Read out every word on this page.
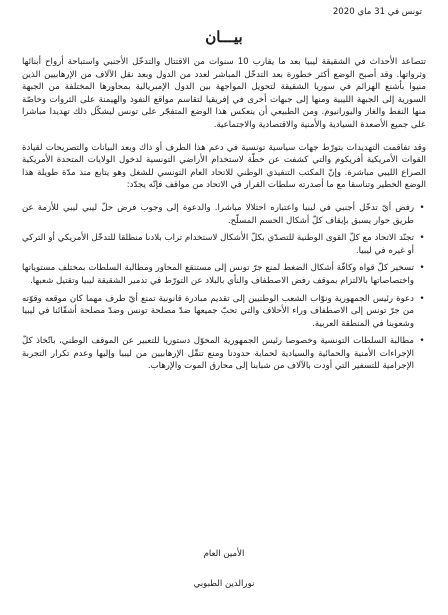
تونس في 31 ماي 2020

بيـــان

تتصاعد الأحداث في الشقيقة ليبيا بعد ما يقارب 10 سنوات من الاقتتال والتدخّل الأجنبي واستباحة أرواح أبنائها وثرواتها. وقد أصبح الوضع أكثر خطورة بعد التدخّل المباشر لعدد من الدول وبعد نقل الآلاف من الإرهابيين الذين منيوا بأشنع الهزائم في سوريا الشقيقة لتحويل المواجهة بين الدول الإمبريالية بمحاورها المختلفة من الجبهة السورية إلى الجبهة الليبية ومنها إلى جبهات أخرى في إفريقيا لتقاسم مواقع النفوذ والهيمنة على الثروات وخاصّة منها النفط والغاز واليورانيوم. ومن الطبيعي أن ينعكس هذا الوضع المتفجّر على تونس ليشكّل ذلك تهديدا مباشرا على جميع الأصعدة السيادية والأمنية والاقتصادية والاجتماعية.

وقد تفاقمت التهديدات بتورّط جهات سياسية تونسية في دعم هذا الطرف أو ذاك وبعد البيانات والتصريحات لقيادة القوات الأمريكية أفريكوم والتي كشفت عن خطّة لاستخدام الأراضي التونسية لدخول الولايات المتحدة الأمريكية الصراع الليبي مباشرة. وإنّ المكتب التنفيذي الوطني للاتحاد العام التونسي للشغل وهو يتابع منذ مدّة طويلة هذا الوضع الخطير وتناسقا مع ما أصدرته سلطات القرار في الاتحاد من مواقف فإنّه يجدّد:

•
رفض أيّ تدخّل أجنبي في ليبيا واعتباره احتلالا مباشرا. والدعوة إلى وجوب فرض حلّ ليبي ليبي للأزمة عن طريق حوار يسبق بإيقاف كلّ أشكال الحسم المسلّح.
•
تجنّد الاتحاد مع كلّ القوى الوطنية للتصدّي بكلّ الأشكال لاستخدام تراب بلادنا منطلقا للتدخّل الأمريكي أو التركي أو غيره في ليبيا.
•
تسخير كلّ قواه وكافّة أشكال الضغط لمنع جرّ تونس إلى مستنقع المحاور ومطالبة السلطات بمختلف مستوياتها واختصاصاتها بالالتزام بموقف رفض الاصطفاف والنأي بالبلاد عن التورّط في تدمير الشقيقة ليبيا وتقتيل شعبها.
•
دعوة رئيس الجمهورية ونوّاب الشعب الوطنيين إلى تقديم مبادرة قانونية تمنع أيّ طرف مهما كان موقعه وقوّته من جرّ تونس إلى الاصطفاف وراء الأحلاف والتي تحبّ جميعها ضدّ مصلحة تونس وضدّ مصلحة أشقّائنا في ليبيا وشعوبنا في المنطقة العربية.
•
مطالبة السلطات التونسية وخصوصا رئيس الجمهورية المخوّل دستوريا للتعبير عن الموقف الوطني، باتّخاذ كلّ الإجراءات الأمنية والحمائية والسيادية لحماية حدودنا ومنع تنقّل الإرهابيين من ليبيا وإليها وعدم تكرار التجربة الإجرامية للتسفير التي أودت بالآلاف من شبابنا إلى محارق الموت والإرهاب.
الأمين العام
نورالدين الطبوبي
